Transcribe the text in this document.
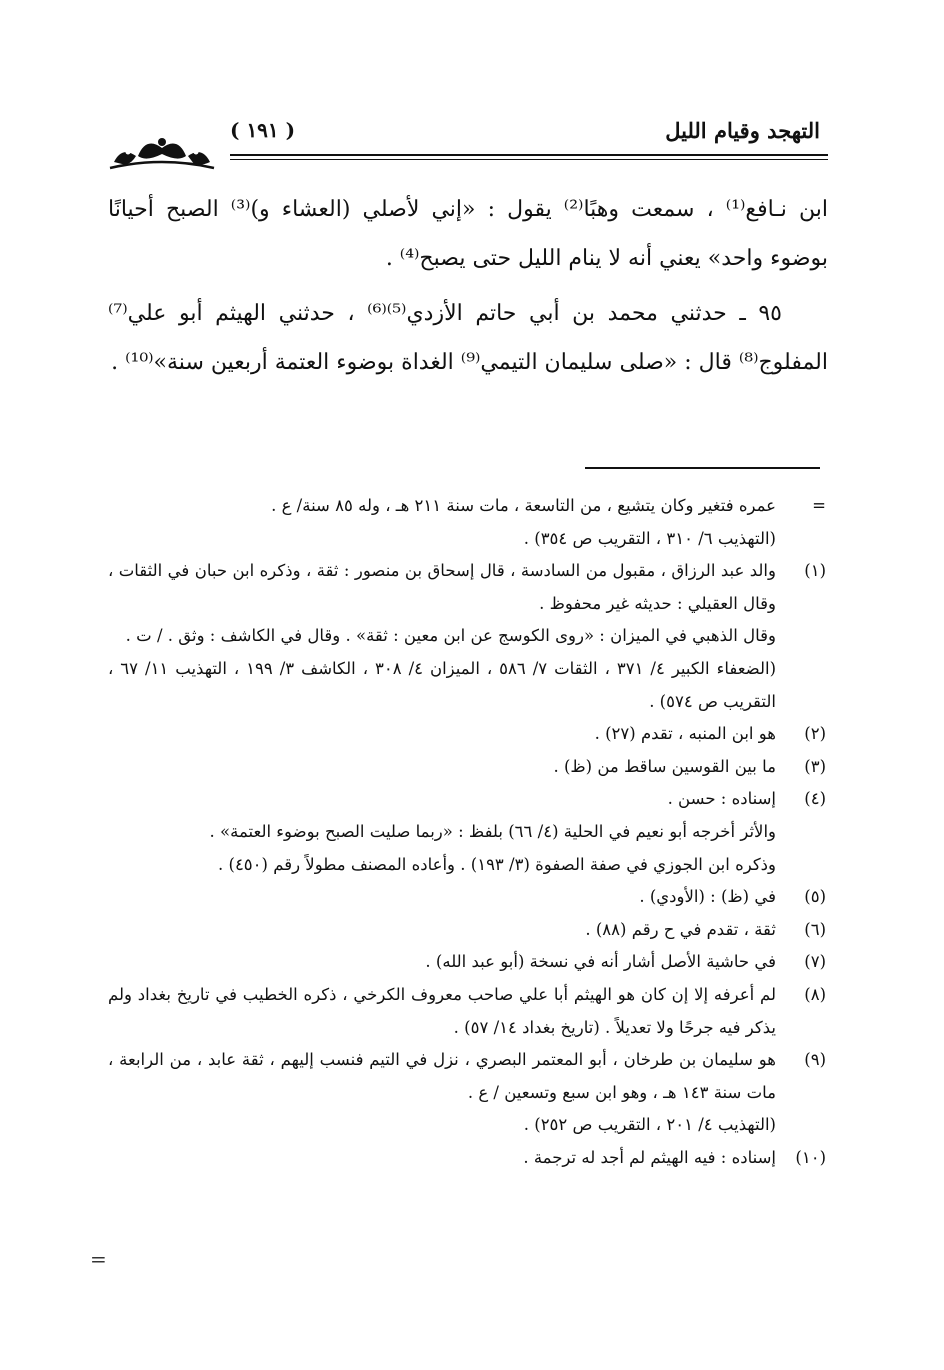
( ١٩١ )	التهجد وقيام الليل

ابن نـافع⁽¹⁾ ، سمعت وهبًا⁽²⁾ يقول : «إني لأصلي (العشاء و)⁽³⁾ الصبح أحيانًا بوضوء واحد» يعني أنه لا ينام الليل حتى يصبح⁽⁴⁾ .

٩٥ ـ حدثني محمد بن أبي حاتم الأزدي⁽⁵⁾⁽⁶⁾ ، حدثني الهيثم أبو علي⁽⁷⁾ المفلوج⁽⁸⁾ قال : «صلى سليمان التيمي⁽⁹⁾ الغداة بوضوء العتمة أربعين سنة»⁽¹⁰⁾ .

=
عمره فتغير وكان يتشيع ، من التاسعة ، مات سنة ٢١١ هـ ، وله ٨٥ سنة/ ع .
(التهذيب ٦/ ٣١٠ ، التقريب ص ٣٥٤) .
(١)
والد عبد الرزاق ، مقبول من السادسة ، قال إسحاق بن منصور : ثقة ، وذكره ابن حبان في الثقات ، وقال العقيلي : حديثه غير محفوظ .
وقال الذهبي في الميزان : «روى الكوسج عن ابن معين : ثقة» . وقال في الكاشف : وثق . / ت .
(الضعفاء الكبير ٤/ ٣٧١ ، الثقات ٧/ ٥٨٦ ، الميزان ٤/ ٣٠٨ ، الكاشف ٣/ ١٩٩ ، التهذيب ١١/ ٦٧ ، التقريب ص ٥٧٤) .
(٢)
هو ابن المنبه ، تقدم (٢٧) .
(٣)
ما بين القوسين ساقط من (ظ) .
(٤)
إسناده : حسن .
والأثر أخرجه أبو نعيم في الحلية (٤/ ٦٦) بلفظ : «ربما صليت الصبح بوضوء العتمة» .
وذكره ابن الجوزي في صفة الصفوة (٣/ ١٩٣) . وأعاده المصنف مطولاً رقم (٤٥٠) .
(٥)
في (ظ) : (الأودي) .
(٦)
ثقة ، تقدم في ح رقم (٨٨) .
(٧)
في حاشية الأصل أشار أنه في نسخة (أبو عبد الله) .
(٨)
لم أعرفه إلا إن كان هو الهيثم أبا علي صاحب معروف الكرخي ، ذكره الخطيب في تاريخ بغداد ولم يذكر فيه جرحًا ولا تعديلاً . (تاريخ بغداد ١٤/ ٥٧) .
(٩)
هو سليمان بن طرخان ، أبو المعتمر البصري ، نزل في التيم فنسب إليهم ، ثقة عابد ، من الرابعة ، مات سنة ١٤٣ هـ ، وهو ابن سبع وتسعين / ع .
(التهذيب ٤/ ٢٠١ ، التقريب ص ٢٥٢) .
(١٠)
إسناده : فيه الهيثم لم أجد له ترجمة .
=
